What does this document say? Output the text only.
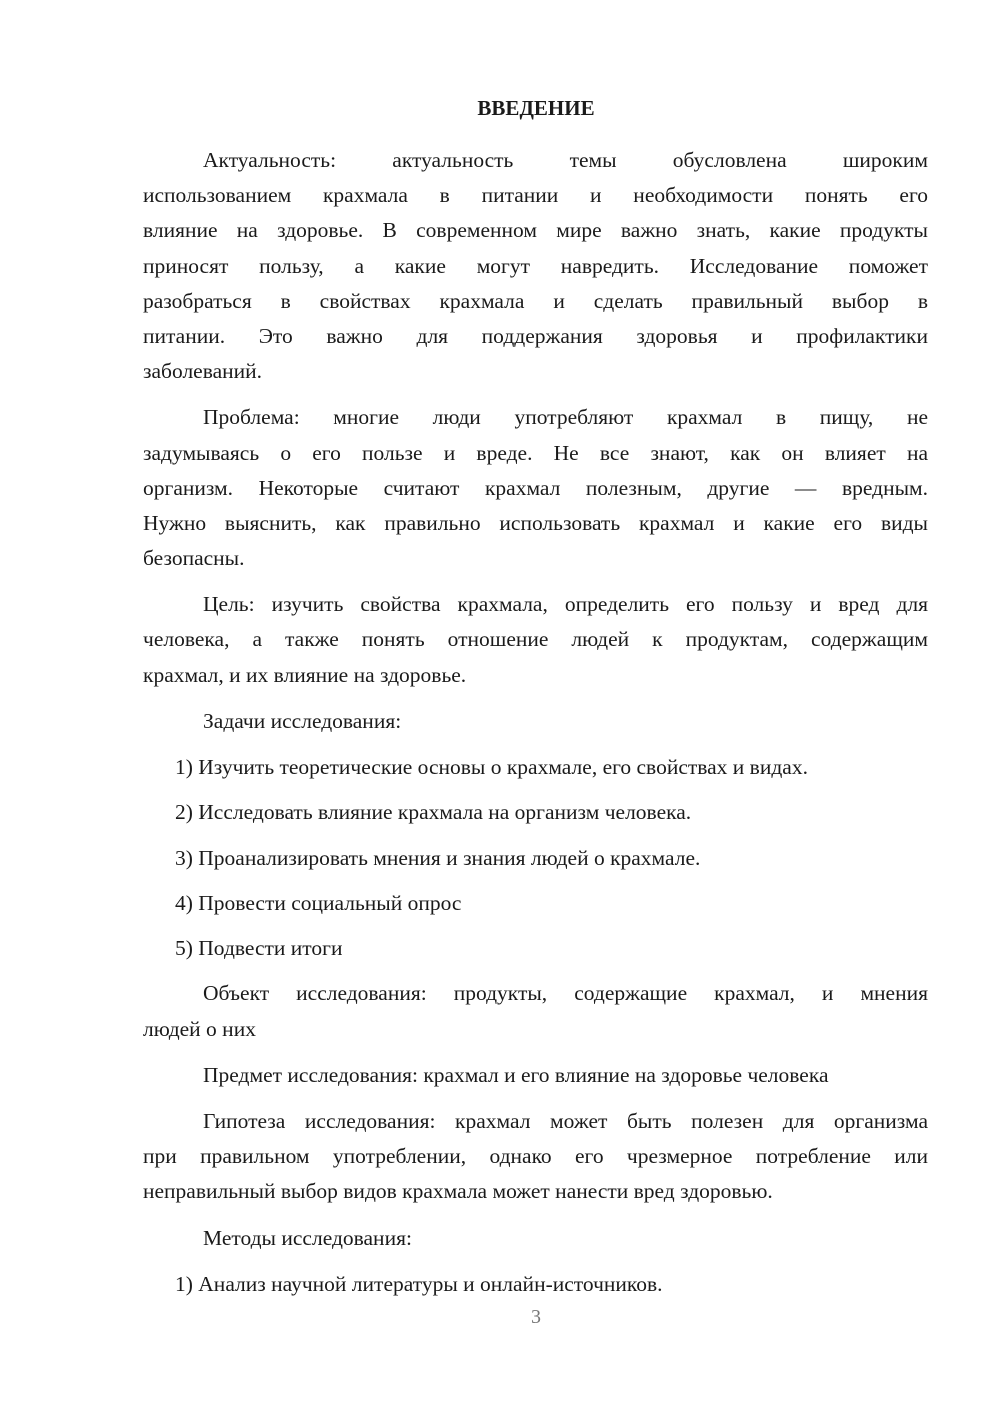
ВВЕДЕНИЕ
Актуальность: актуальность темы обусловлена широким
использованием крахмала в питании и необходимости понять его
влияние на здоровье. В современном мире важно знать, какие продукты
приносят пользу, а какие могут навредить. Исследование поможет
разобраться в свойствах крахмала и сделать правильный выбор в
питании. Это важно для поддержания здоровья и профилактики
заболеваний.
Проблема: многие люди употребляют крахмал в пищу, не
задумываясь о его пользе и вреде. Не все знают, как он влияет на
организм. Некоторые считают крахмал полезным, другие — вредным.
Нужно выяснить, как правильно использовать крахмал и какие его виды
безопасны.
Цель: изучить свойства крахмала, определить его пользу и вред для
человека, а также понять отношение людей к продуктам, содержащим
крахмал, и их влияние на здоровье.
Задачи исследования:
1) Изучить теоретические основы о крахмале, его свойствах и видах.
2) Исследовать влияние крахмала на организм человека.
3) Проанализировать мнения и знания людей о крахмале.
4) Провести социальный опрос
5) Подвести итоги
Объект исследования: продукты, содержащие крахмал, и мнения
людей о них
Предмет исследования: крахмал и его влияние на здоровье человека
Гипотеза исследования: крахмал может быть полезен для организма
при правильном употреблении, однако его чрезмерное потребление или
неправильный выбор видов крахмала может нанести вред здоровью.
Методы исследования:
1) Анализ научной литературы и онлайн-источников.
3
